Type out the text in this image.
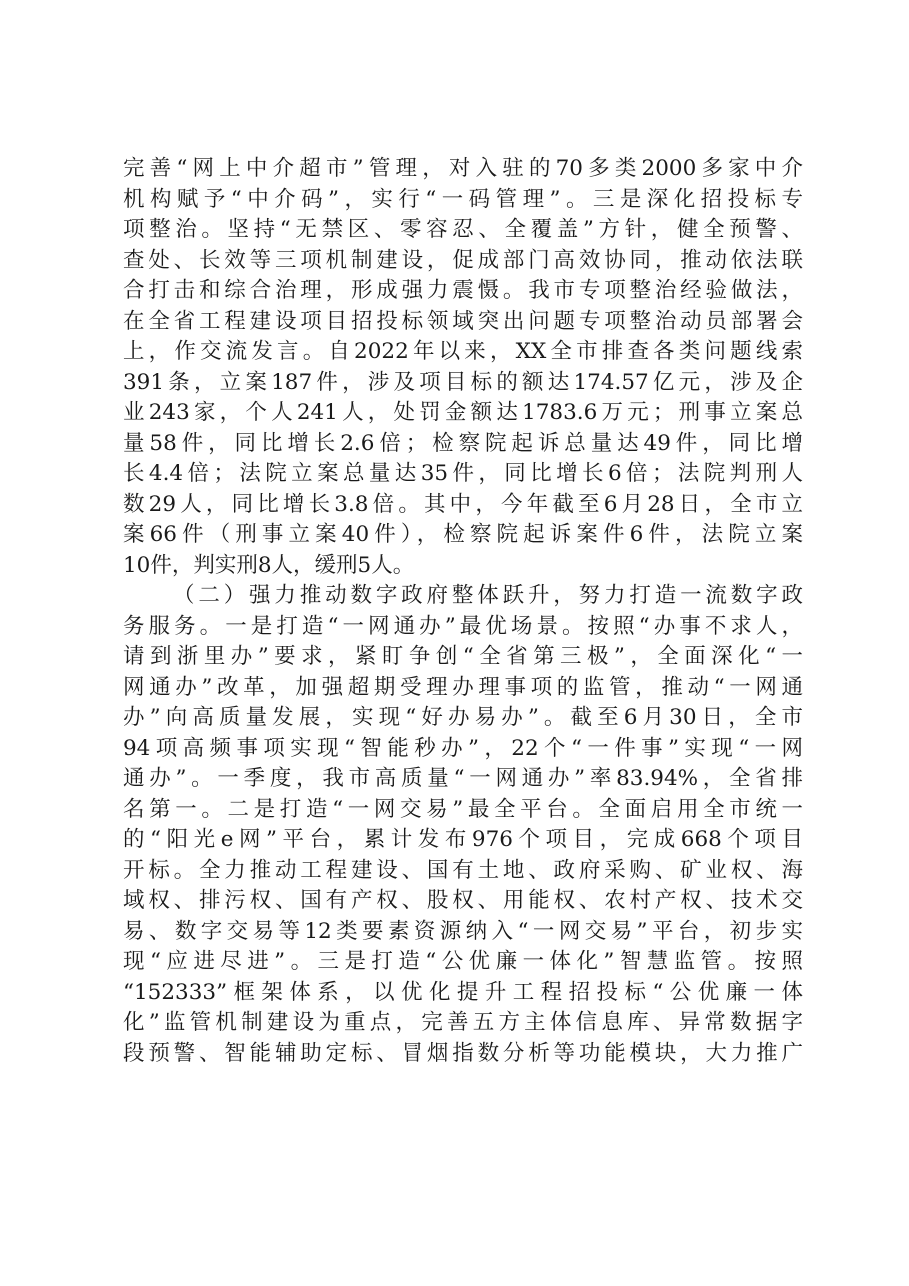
完善“网上中介超市”管理，对入驻的70多类2000多家中介
机构赋予“中介码”，实行“一码管理”。三是深化招投标专
项整治。坚持“无禁区、零容忍、全覆盖”方针，健全预警、
查处、长效等三项机制建设，促成部门高效协同，推动依法联
合打击和综合治理，形成强力震慑。我市专项整治经验做法，
在全省工程建设项目招投标领域突出问题专项整治动员部署会
上，作交流发言。自2022年以来，XX全市排查各类问题线索
391条，立案187件，涉及项目标的额达174.57亿元，涉及企
业243家，个人241人，处罚金额达1783.6万元；刑事立案总
量58件，同比增长2.6倍；检察院起诉总量达49件，同比增
长4.4倍；法院立案总量达35件，同比增长6倍；法院判刑人
数29人，同比增长3.8倍。其中，今年截至6月28日，全市立
案66件（刑事立案40件），检察院起诉案件6件，法院立案
10件，判实刑8人，缓刑5人。
（二）强力推动数字政府整体跃升，努力打造一流数字政
务服务。一是打造“一网通办”最优场景。按照“办事不求人，
请到浙里办”要求，紧盯争创“全省第三极”，全面深化“一
网通办”改革，加强超期受理办理事项的监管，推动“一网通
办”向高质量发展，实现“好办易办”。截至6月30日，全市
94项高频事项实现“智能秒办”，22个“一件事”实现“一网
通办”。一季度，我市高质量“一网通办”率83.94%，全省排
名第一。二是打造“一网交易”最全平台。全面启用全市统一
的“阳光e网”平台，累计发布976个项目，完成668个项目
开标。全力推动工程建设、国有土地、政府采购、矿业权、海
域权、排污权、国有产权、股权、用能权、农村产权、技术交
易、数字交易等12类要素资源纳入“一网交易”平台，初步实
现“应进尽进”。三是打造“公优廉一体化”智慧监管。按照
“152333”框架体系，以优化提升工程招投标“公优廉一体
化”监管机制建设为重点，完善五方主体信息库、异常数据字
段预警、智能辅助定标、冒烟指数分析等功能模块，大力推广
